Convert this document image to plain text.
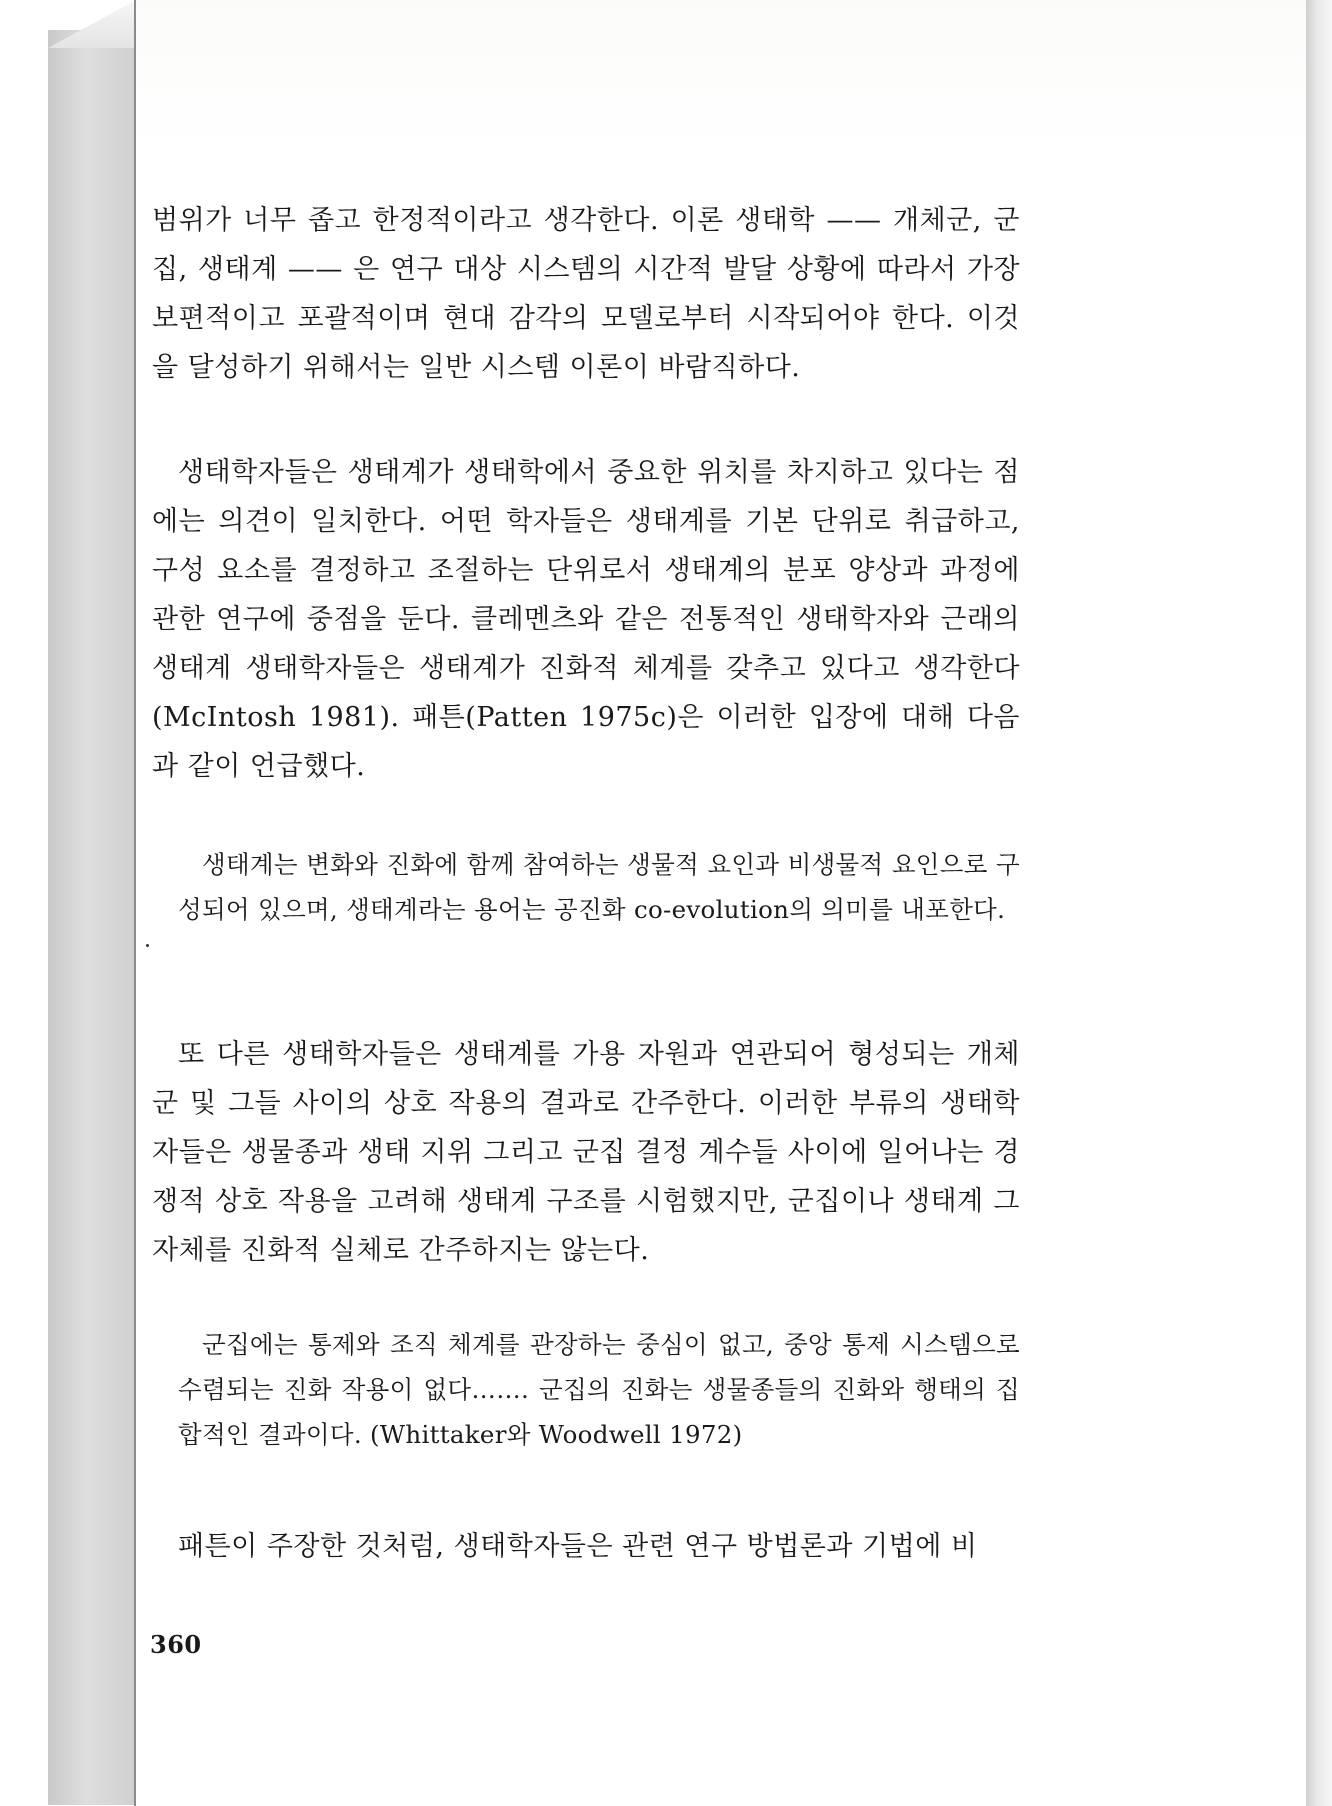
범위가 너무 좁고 한정적이라고 생각한다. 이론 생태학 —— 개체군, 군집, 생태계 —— 은 연구 대상 시스템의 시간적 발달 상황에 따라서 가장 보편적이고 포괄적이며 현대 감각의 모델로부터 시작되어야 한다. 이것을 달성하기 위해서는 일반 시스템 이론이 바람직하다.

생태학자들은 생태계가 생태학에서 중요한 위치를 차지하고 있다는 점에는 의견이 일치한다. 어떤 학자들은 생태계를 기본 단위로 취급하고, 구성 요소를 결정하고 조절하는 단위로서 생태계의 분포 양상과 과정에 관한 연구에 중점을 둔다. 클레멘츠와 같은 전통적인 생태학자와 근래의 생태계 생태학자들은 생태계가 진화적 체계를 갖추고 있다고 생각한다(McIntosh 1981). 패튼(Patten 1975c)은 이러한 입장에 대해 다음과 같이 언급했다.

생태계는 변화와 진화에 함께 참여하는 생물적 요인과 비생물적 요인으로 구성되어 있으며, 생태계라는 용어는 공진화 co-evolution의 의미를 내포한다.

또 다른 생태학자들은 생태계를 가용 자원과 연관되어 형성되는 개체군 및 그들 사이의 상호 작용의 결과로 간주한다. 이러한 부류의 생태학자들은 생물종과 생태 지위 그리고 군집 결정 계수들 사이에 일어나는 경쟁적 상호 작용을 고려해 생태계 구조를 시험했지만, 군집이나 생태계 그 자체를 진화적 실체로 간주하지는 않는다.

군집에는 통제와 조직 체계를 관장하는 중심이 없고, 중앙 통제 시스템으로 수렴되는 진화 작용이 없다……. 군집의 진화는 생물종들의 진화와 행태의 집합적인 결과이다. (Whittaker와 Woodwell 1972)

패튼이 주장한 것처럼, 생태학자들은 관련 연구 방법론과 기법에 비

360
